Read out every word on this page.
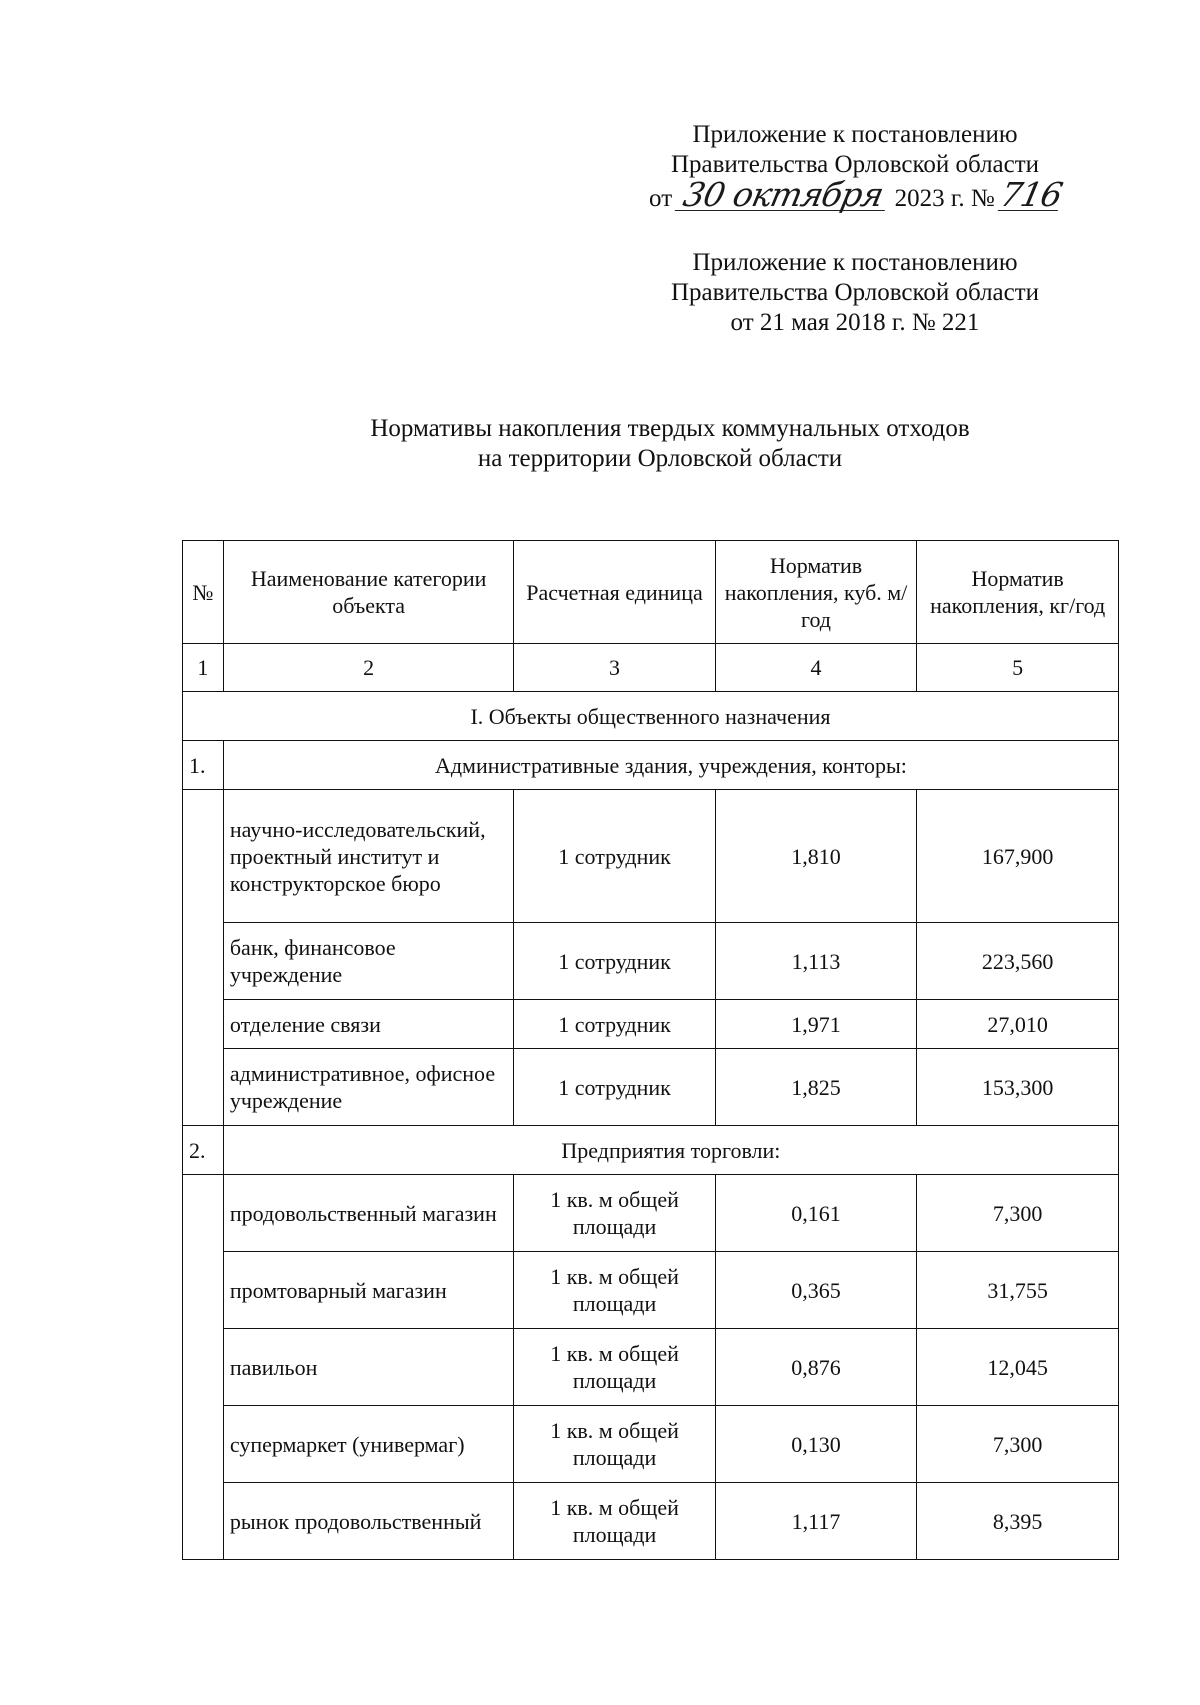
Приложение к постановлению
Правительства Орловской области
от 30 октября 2023 г. № 716
Приложение к постановлению
Правительства Орловской области
от 21 мая 2018 г. № 221
Нормативы накопления твердых коммунальных отходов
на территории Орловской области
№	Наименование категории объекта	Расчетная единица	Норматив накопления, куб. м/год	Норматив накопления, кг/год
1	2	3	4	5
I. Объекты общественного назначения				
1.	Административные здания, учреждения, конторы:			
	научно-исследовательский, проектный институт и конструкторское бюро	1 сотрудник	1,810	167,900
	банк, финансовое учреждение	1 сотрудник	1,113	223,560
	отделение связи	1 сотрудник	1,971	27,010
	административное, офисное учреждение	1 сотрудник	1,825	153,300
2.	Предприятия торговли:			
	продовольственный магазин	1 кв. м общей площади	0,161	7,300
	промтоварный магазин	1 кв. м общей площади	0,365	31,755
	павильон	1 кв. м общей площади	0,876	12,045
	супермаркет (универмаг)	1 кв. м общей площади	0,130	7,300
	рынок продовольственный	1 кв. м общей площади	1,117	8,395
